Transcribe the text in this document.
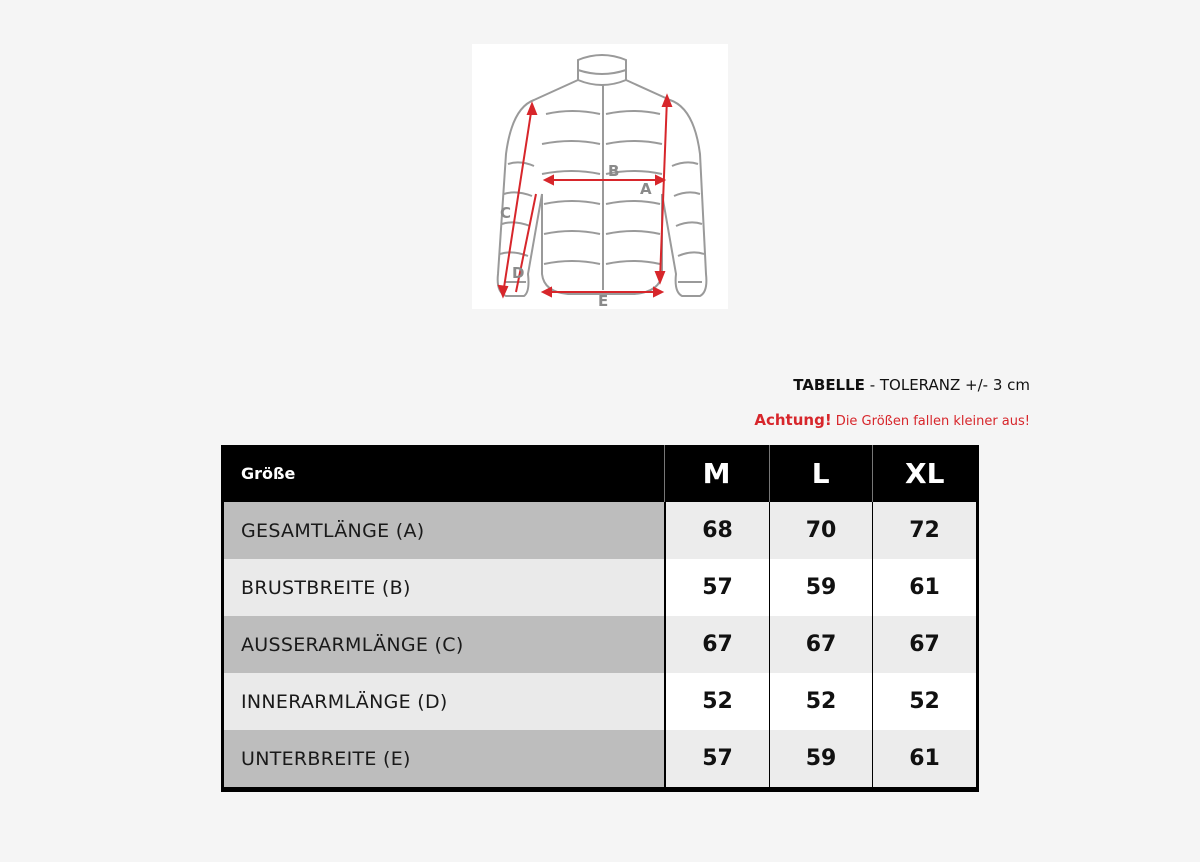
B
A
C
D
E
TABELLE - TOLERANZ +/- 3 cm
Achtung! Die Größen fallen kleiner aus!
Größe	M	L	XL
GESAMTLÄNGE (A)	68	70	72
BRUSTBREITE (B)	57	59	61
AUSSERARMLÄNGE (C)	67	67	67
INNERARMLÄNGE (D)	52	52	52
UNTERBREITE (E)	57	59	61
